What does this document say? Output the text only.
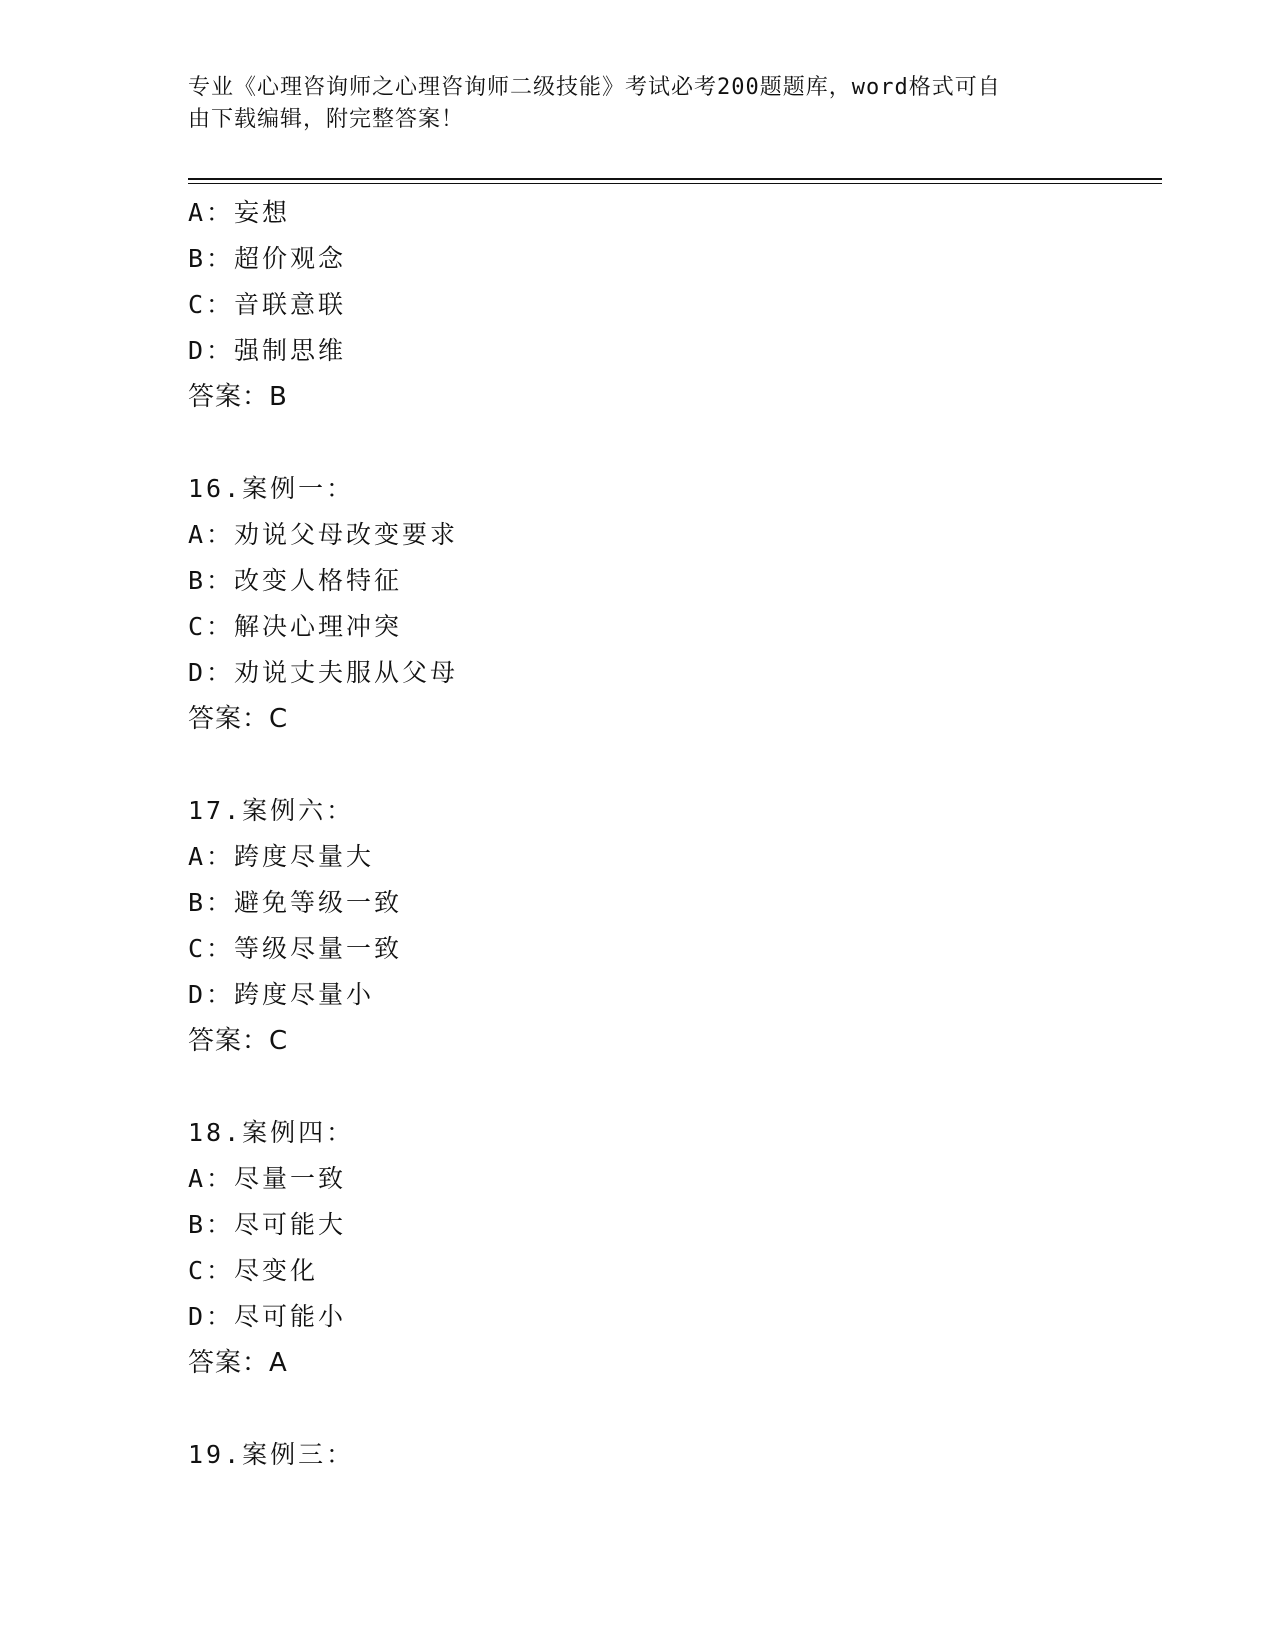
专业《心理咨询师之心理咨询师二级技能》考试必考200题题库，word格式可自
由下载编辑，附完整答案！
A：妄想
B：超价观念
C：音联意联
D：强制思维
答案：B
16.案例一：
A：劝说父母改变要求
B：改变人格特征
C：解决心理冲突
D：劝说丈夫服从父母
答案：C
17.案例六：
A：跨度尽量大
B：避免等级一致
C：等级尽量一致
D：跨度尽量小
答案：C
18.案例四：
A：尽量一致
B：尽可能大
C：尽变化
D：尽可能小
答案：A
19.案例三：
